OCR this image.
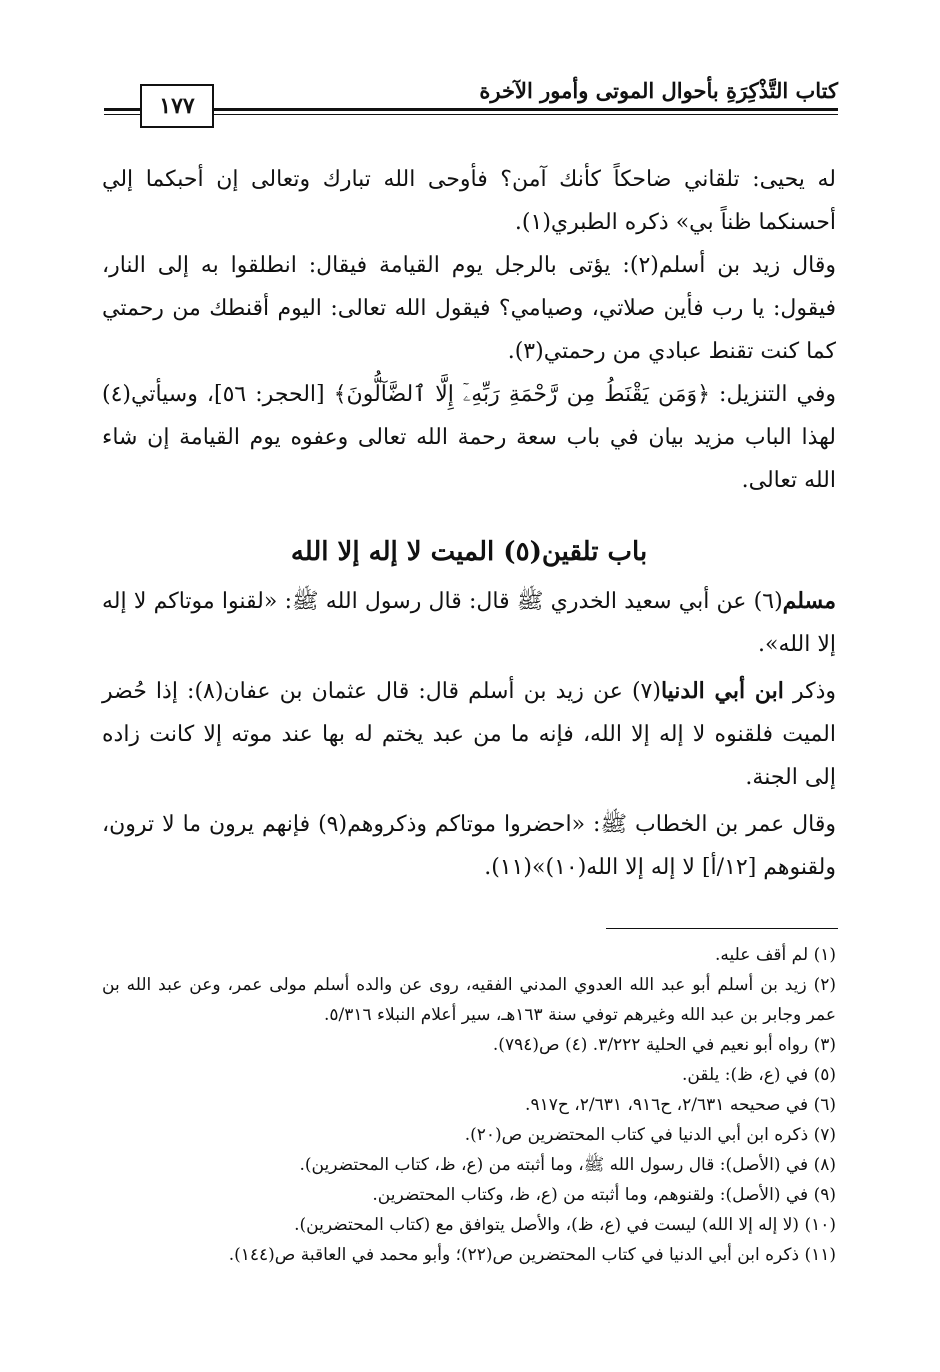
كتاب التَّذْكِرَةِ بأحوال الموتى وأمور الآخرة
١٧٧

له يحيى: تلقاني ضاحكاً كأنك آمن؟ فأوحى الله تبارك وتعالى إن أحبكما إلي أحسنكما ظناً بي» ذكره الطبري(١).

وقال زيد بن أسلم(٢): يؤتى بالرجل يوم القيامة فيقال: انطلقوا به إلى النار، فيقول: يا رب فأين صلاتي، وصيامي؟ فيقول الله تعالى: اليوم أقنطك من رحمتي كما كنت تقنط عبادي من رحمتي(٣).

وفي التنزيل: ﴿وَمَن يَقْنَطُ مِن رَّحْمَةِ رَبِّهِۦٓ إِلَّا ٱلضَّآلُّونَ﴾ [الحجر: ٥٦]، وسيأتي(٤) لهذا الباب مزيد بيان في باب سعة رحمة الله تعالى وعفوه يوم القيامة إن شاء الله تعالى.

باب تلقين(٥) الميت لا إله إلا الله

مسلم(٦) عن أبي سعيد الخدري ﷺ قال: قال رسول الله ﷺ: «لقنوا موتاكم لا إله إلا الله».

وذكر ابن أبي الدنيا(٧) عن زيد بن أسلم قال: قال عثمان بن عفان(٨): إذا حُضر الميت فلقنوه لا إله إلا الله، فإنه ما من عبد يختم له بها عند موته إلا كانت زاده إلى الجنة.

وقال عمر بن الخطاب ﷺ: «احضروا موتاكم وذكروهم(٩) فإنهم يرون ما لا ترون، ولقنوهم [١٢/أ] لا إله إلا الله(١٠)»(١١).

(١) لم أقف عليه.

(٢) زيد بن أسلم أبو عبد الله العدوي المدني الفقيه، روى عن والده أسلم مولى عمر، وعن عبد الله بن عمر وجابر بن عبد الله وغيرهم توفي سنة ١٦٣هـ، سير أعلام النبلاء ٥/٣١٦.

(٣) رواه أبو نعيم في الحلية ٣/٢٢٢. (٤) ص(٧٩٤).

(٥) في (ع، ظ): يلقن.

(٦) في صحيحه ٢/٦٣١، ح٩١٦، ٢/٦٣١، ح٩١٧.

(٧) ذكره ابن أبي الدنيا في كتاب المحتضرين ص(٢٠).

(٨) في (الأصل): قال رسول الله ﷺ، وما أثبته من (ع، ظ، كتاب المحتضرين).

(٩) في (الأصل): ولقنوهم، وما أثبته من (ع، ظ، وكتاب المحتضرين.

(١٠) (لا إله إلا الله) ليست في (ع، ظ)، والأصل يتوافق مع (كتاب المحتضرين).

(١١) ذكره ابن أبي الدنيا في كتاب المحتضرين ص(٢٢)؛ وأبو محمد في العاقبة ص(١٤٤).
